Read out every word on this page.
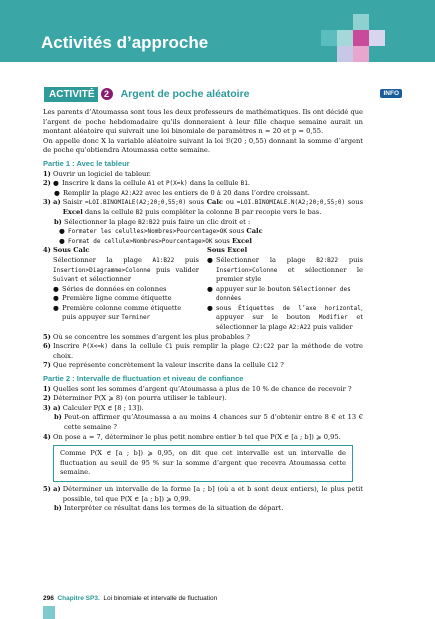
Activités d’approche
ACTIVITÉ	2	Argent de poche aléatoire	INFO

Les parents d’Atoumassa sont tous les deux professeurs de mathématiques. Ils ont décidé que l’argent de poche hebdomadaire qu’ils donneraient à leur fille chaque semaine aurait un montant aléatoire qui suivrait une loi binomiale de paramètres n = 20 et p = 0,55.

On appelle donc X la variable aléatoire suivant la loi ℬ(20 ; 0,55) donnant la somme d’argent de poche qu’obtiendra Atoumassa cette semaine.

Partie 1 : Avec le tableur
1)
Ouvrir un logiciel de tableur.
2)
● Inscrire k dans la cellule A1 et P(X=k) dans la cellule B1.
● Remplir la plage A2:A22 avec les entiers de 0 à 20 dans l’ordre croissant.
3) a)
Saisir =LOI.BINOMIALE(A2;20;0,55;0) sous Calc ou =LOI.BINOMIALE.N(A2;20;0,55;0) sous Excel dans la cellule B2 puis compléter la colonne B par recopie vers le bas.
b)
Sélectionner la plage B2:B22 puis faire un clic droit et :
● Formater les celulles>Nombres>Pourcentage>OK sous Calc
● Format de cellule>Nombres>Pourcentage>OK sous Excel
4) Sous Calc
Sélectionner la plage A1:B22 puis Insertion>Diagramme>Colonne puis valider Suivant et sélectionner
● Séries de données en colonnes
● Première ligne comme étiquette
● Première colonne comme étiquette
puis appuyer sur Terminer
Sous Excel
● Sélectionner la plage B2:B22 puis Insertion>Colonne et sélectionner le premier style
● appuyer sur le bouton Sélectionner des données
● sous Étiquettes de l’axe horizontal, appuyer sur le bouton Modifier et sélectionner la plage A2:A22 puis valider
5)
Où se concentre les sommes d’argent les plus probables ?
6)
Inscrire P(X<=k) dans la cellule C1 puis remplir la plage C2:C22 par la méthode de votre choix.
7)
Que représente concrètement la valeur inscrite dans la cellule C12 ?
Partie 2 : Intervalle de fluctuation et niveau de confiance
1)
Quelles sont les sommes d’argent qu’Atoumassa a plus de 10 % de chance de recevoir ?
2)
Déterminer P(X ⩾ 8) (on pourra utiliser le tableur).
3) a)
Calculer P(X ∈ [8 ; 13]).
b)
Peut-on affirmer qu’Atoumassa a au moins 4 chances sur 5 d’obtenir entre 8 € et 13 € cette semaine ?
4)
On pose a = 7, déterminer le plus petit nombre entier b tel que P(X ∈ [a ; b]) ⩾ 0,95.
Comme P(X ∈ [a ; b]) ⩾ 0,95, on dit que cet intervalle est un intervalle de fluctuation au seuil de 95 % sur la somme d’argent que recevra Atoumassa cette semaine.
5) a)
Déterminer un intervalle de la forme [a ; b] (où a et b sont deux entiers), le plus petit possible, tel que P(X ∈ [a ; b]) ⩾ 0,99.
b)
Interpréter ce résultat dans les termes de la situation de départ.
296 Chapitre SP3. Loi binomiale et intervalle de fluctuation
